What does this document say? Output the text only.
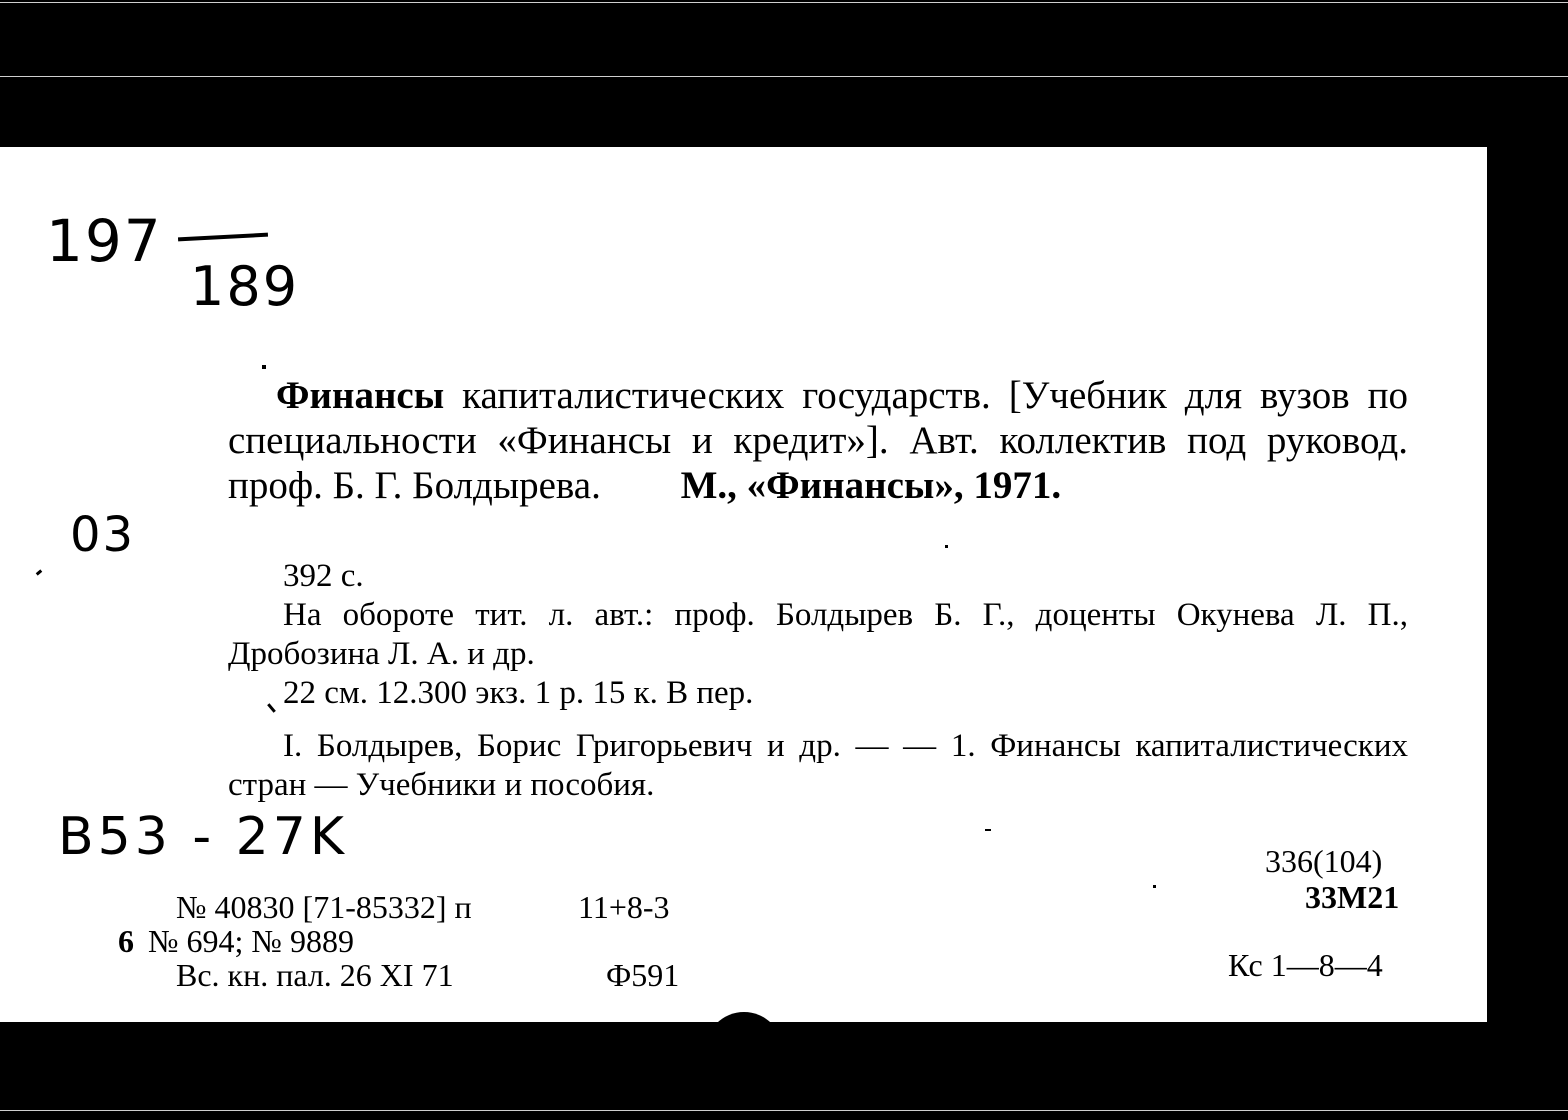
197
189
03
Финансы капиталистических государств. [Учебник для вузов по специальности «Финансы и кредит»]. Авт. коллектив под руковод. проф. Б. Г. Болдырева. М., «Финансы», 1971.

392 с.

На обороте тит. л. авт.: проф. Болдырев Б. Г., доценты Окунева Л. П., Дробозина Л. А. и др.

22 см. 12.300 экз. 1 р. 15 к. В пер.

I. Болдырев, Борис Григорьевич и др. — — 1. Финансы капиталистических стран — Учебники и пособия.

B53 - 27K	336(104)
33М21
Кс 1—8—4
№ 40830 [71-85332] п	11+8-3
6 № 694; № 9889
Вс. кн. пал. 26 XI 71	Ф591
